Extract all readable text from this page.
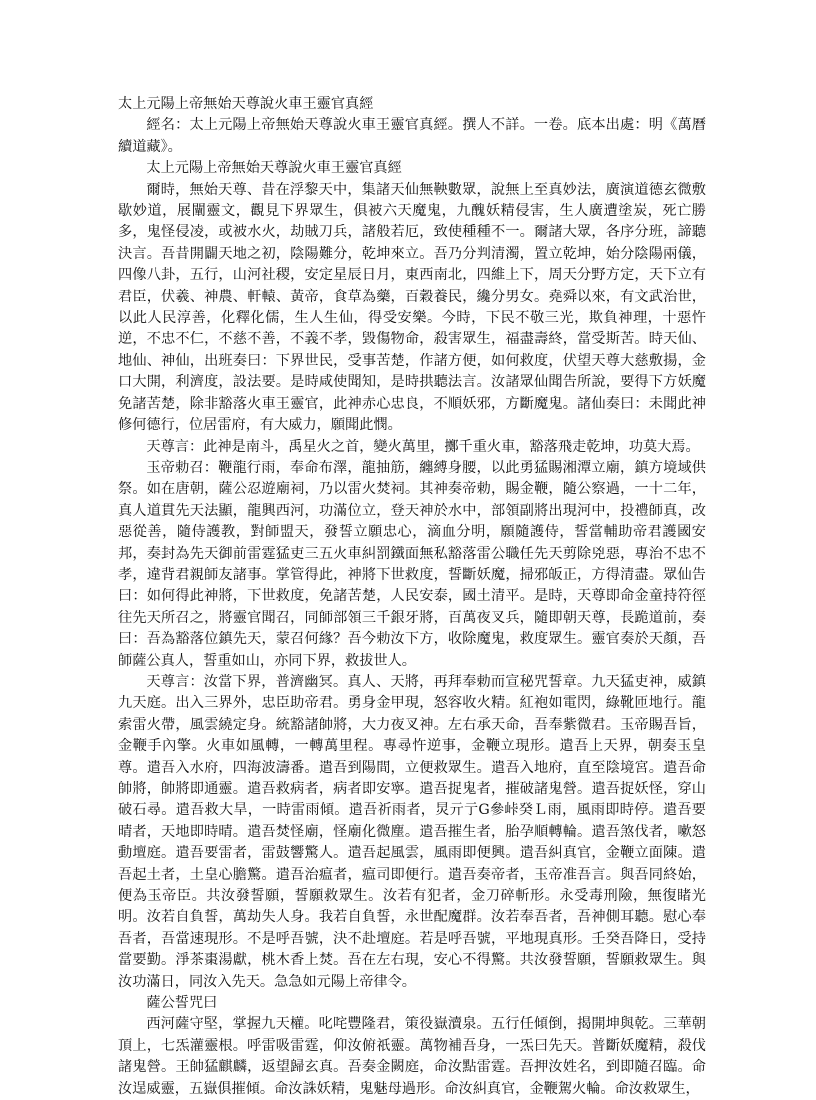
太上元陽上帝無始天尊說火車王靈官真經

經名：太上元陽上帝無始天尊說火車王靈官真經。撰人不詳。一卷。底本出處：明《萬曆續道藏》。

太上元陽上帝無始天尊說火車王靈官真經

爾時，無始天尊、昔在浮黎天中，集諸天仙無鞅數眾，說無上至真妙法，廣演道德玄微敷歇妙道，展闡靈文，觀見下界眾生，俱被六天魔鬼，九醜妖精侵害，生人廣遭塗炭，死亡勝多，鬼怪侵凌，或被水火，劫賊刀兵，諸般若厄，致使種種不一。爾諸大眾，各序分班，諦聽決言。吾昔開闢天地之初，陰陽難分，乾坤來立。吾乃分判清濁，置立乾坤，始分陰陽兩儀，四像八卦，五行，山河社稷，安定星辰日月，東西南北，四維上下，周天分野方定，天下立有君臣，伏羲、神農、軒轅、黃帝，食草為藥，百穀養民，纔分男女。堯舜以來，有文武治世，以此人民淳善，化釋化儒，生人生仙，得受安樂。今時，下民不敬三光，欺負神理，十惡忤逆，不忠不仁，不慈不善，不義不孝，毀傷物命，殺害眾生，福盡壽終，當受斯苦。時天仙、地仙、神仙，出班奏曰：下界世民，受事苦楚，作諸方便，如何救度，伏望天尊大慈敷揚，金口大開，利濟度，設法要。是時咸使聞知，是時拱聽法言。汝諸眾仙聞告所說，要得下方妖魔免諸苦楚，除非豁落火車王靈官，此神赤心忠良，不順妖邪，方斷魔鬼。諸仙奏曰：未聞此神修何德行，位居雷府，有大威力，願聞此憫。

天尊言：此神是南斗，禹星火之首，變火萬里，擲千重火車，豁落飛走乾坤，功莫大焉。

玉帝勅召：鞭龍行雨，奉命布澤，龍抽筋，纏縛身腰，以此勇猛賜湘潭立廟，鎮方境域供祭。如在唐朝，薩公忍遊廟祠，乃以雷火焚祠。其神奏帝勅，賜金鞭，隨公察過，一十二年，真人道貫先天法顯，龍興西河，功滿位立，登天神於水中，部領副將出現河中，投禮師真，改惡從善，隨侍護教，對師盟天，發誓立願忠心，滴血分明，願隨護侍，誓當輔助帝君護國安邦，奏封為先天御前雷霆猛吏三五火車糾罰鐵面無私豁落雷公職任先天剪除兇惡，專治不忠不孝，違背君親師友諸事。掌管得此，神將下世救度，誓斷妖魔，掃邪皈正，方得清盡。眾仙告曰：如何得此神將，下世救度，免諸苦楚，人民安泰，國土清平。是時，天尊即命金童持符徑往先天所召之，將靈官聞召，同師部領三千銀牙將，百萬夜叉兵，隨即朝天尊，長跪道前，奏曰：吾為豁落位鎮先天，蒙召何緣？吾今勅汝下方，收除魔鬼，救度眾生。靈官奏於天顏，吾師薩公真人，誓重如山，亦同下界，救拔世人。

天尊言：汝當下界，普濟幽冥。真人、天將，再拜奉勅而宣秘咒誓章。九天猛吏神，威鎮九天庭。出入三界外，忠臣助帝君。勇身金甲現，怒容收火精。紅袍如電閃，綠靴匝地行。龍索雷火帶，風雲繞定身。統豁諸帥將，大力夜叉神。左右承天命，吾奉紫微君。玉帝賜吾旨，金鞭手內擎。火車如風轉，一轉萬里程。專尋忤逆事，金鞭立現形。遣吾上天界，朝奏玉皇尊。遣吾入水府，四海波濤番。遣吾到陽間，立便救眾生。遣吾入地府，直至陰境宮。遣吾命帥將，帥將即通靈。遣吾救病者，病者即安寧。遣吾捉鬼者，摧破諸鬼營。遣吾捉妖怪，穿山破石尋。遣吾救大旱，一時雷雨傾。遣吾祈雨者，炅亓亍G參峠癸Ｌ雨，風雨即時停。遣吾要晴者，天地即時晴。遣吾焚怪廟，怪廟化微塵。遣吾摧生者，胎孕順轉輪。遣吾煞伐者，嗽怒動壇庭。遣吾要雷者，雷鼓響驚人。遣吾起風雲，風雨即便興。遣吾糾真官，金鞭立面陳。遣吾起土者，土皇心膽驚。遣吾治瘟者，瘟司即便行。遣吾奏帝者，玉帝准吾言。與吾同終始，便為玉帝臣。共汝發誓願，誓願救眾生。汝若有犯者，金刀碎斬形。永受毒刑險，無復睹光明。汝若自負誓，萬劫失人身。我若自負誓，永世配魔群。汝若奉吾者，吾神側耳聽。慰心奉吾者，吾當速現形。不是呼吾號，決不赴壇庭。若是呼吾號，平地現真形。壬癸吾降日，受持當要勤。淨茶棗湯獻，桃木香上焚。吾在左右現，安心不得驚。共汝發誓願，誓願救眾生。與汝功滿日，同汝入先天。急急如元陽上帝律令。

薩公誓咒曰

西河薩守堅，掌握九天權。叱咤豐隆君，策役嶽瀆泉。五行任傾倒，揭開坤與乾。三華朝頂上，七炁灌靈根。呼雷吸雷霆，仰汝俯祇靈。萬物補吾身，一炁曰先天。普斷妖魔精，殺伐諸鬼營。王帥猛麒麟，返望歸玄真。吾奏金闕庭，命汝點雷霆。吾押汝姓名，到即隨召臨。命汝逞威靈，五嶽俱摧傾。命汝誅妖精，鬼魅母過形。命汝糾真官，金鞭駕火輪。命汝救眾生，
